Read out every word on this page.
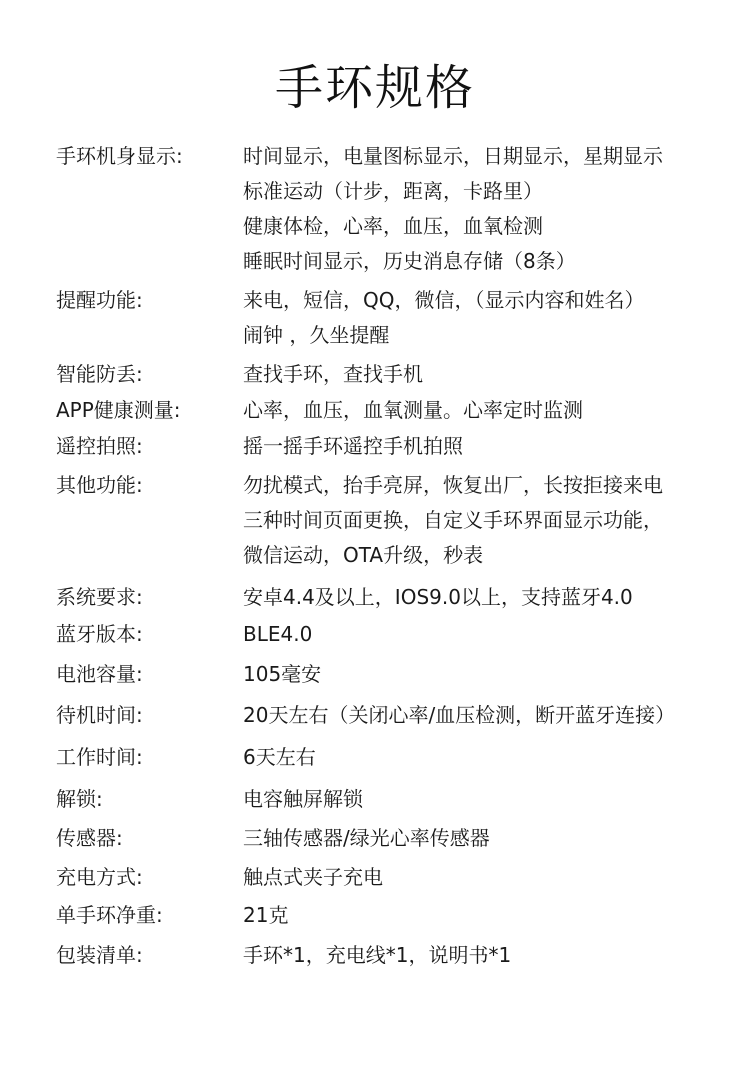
手环规格
手环机身显示:	时间显示，电量图标显示，日期显示，星期显示
标准运动（计步，距离，卡路里）
健康体检，心率，血压，血氧检测
睡眠时间显示，历史消息存储（8条）
提醒功能:	来电，短信，QQ，微信，（显示内容和姓名）
闹钟 ，久坐提醒
智能防丢:	查找手环，查找手机
APP健康测量:	心率，血压，血氧测量。心率定时监测
遥控拍照:	摇一摇手环遥控手机拍照
其他功能:	勿扰模式，抬手亮屏，恢复出厂，长按拒接来电
三种时间页面更换，自定义手环界面显示功能，
微信运动，OTA升级，秒表
系统要求:	安卓4.4及以上，IOS9.0以上，支持蓝牙4.0
蓝牙版本:	BLE4.0
电池容量:	105毫安
待机时间:	20天左右（关闭心率/血压检测，断开蓝牙连接）
工作时间:	6天左右
解锁:	电容触屏解锁
传感器:	三轴传感器/绿光心率传感器
充电方式:	触点式夹子充电
单手环净重:	21克
包装清单:	手环*1，充电线*1，说明书*1
